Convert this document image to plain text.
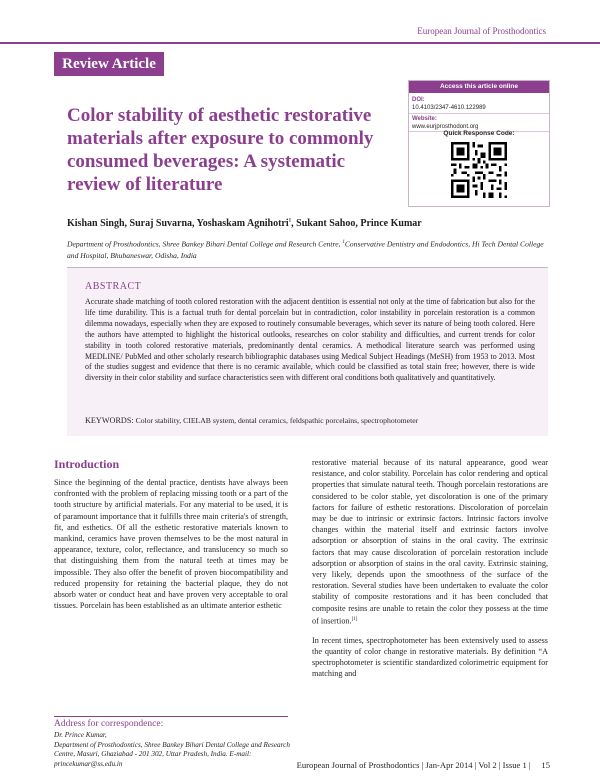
European Journal of Prosthodontics
Review Article
Access this article online
DOI:
10.4103/2347-4610.122989
Website:
www.eurjprosthodont.org
Quick Response Code:
Color stability of aesthetic restorative materials after exposure to commonly consumed beverages: A systematic review of literature
Kishan Singh, Suraj Suvarna, Yoshaskam Agnihotri$^1$, Sukant Sahoo, Prince Kumar
Department of Prosthodontics, Shree Bankey Bihari Dental College and Research Centre, $^1$Conservative Dentistry and Endodontics, Hi Tech Dental College and Hospital, Bhubaneswar, Odisha, India
ABSTRACT
Accurate shade matching of tooth colored restoration with the adjacent dentition is essential not only at the time of fabrication but also for the life time durability. This is a factual truth for dental porcelain but in contradiction, color instability in porcelain restoration is a common dilemma nowadays, especially when they are exposed to routinely consumable beverages, which sever its nature of being tooth colored. Here the authors have attempted to highlight the historical outlooks, researches on color stability and difficulties, and current trends for color stability in tooth colored restorative materials, predominantly dental ceramics. A methodical literature search was performed using MEDLINE/ PubMed and other scholarly research bibliographic databases using Medical Subject Headings (MeSH) from 1953 to 2013. Most of the studies suggest and evidence that there is no ceramic available, which could be classified as total stain free; however, there is wide diversity in their color stability and surface characteristics seen with different oral conditions both qualitatively and quantitatively.
KEYWORDS: Color stability, CIELAB system, dental ceramics, feldspathic porcelains, spectrophotometer
Introduction

Since the beginning of the dental practice, dentists have always been confronted with the problem of replacing missing tooth or a part of the tooth structure by artificial materials. For any material to be used, it is of paramount importance that it fulfills three main criteria's of strength, fit, and esthetics. Of all the esthetic restorative materials known to mankind, ceramics have proven themselves to be the most natural in appearance, texture, color, reflectance, and translucency so much so that distinguishing them from the natural teeth at times may be impossible. They also offer the benefit of proven biocompatibility and reduced propensity for retaining the bacterial plaque, they do not absorb water or conduct heat and have proven very acceptable to oral tissues. Porcelain has been established as an ultimate anterior esthetic

restorative material because of its natural appearance, good wear resistance, and color stability. Porcelain has color rendering and optical properties that simulate natural teeth. Though porcelain restorations are considered to be color stable, yet discoloration is one of the primary factors for failure of esthetic restorations. Discoloration of porcelain may be due to intrinsic or extrinsic factors. Intrinsic factors involve changes within the material itself and extrinsic factors involve adsorption or absorption of stains in the oral cavity. The extrinsic factors that may cause discoloration of porcelain restoration include adsorption or absorption of stains in the oral cavity. Extrinsic staining, very likely, depends upon the smoothness of the surface of the restoration. Several studies have been undertaken to evaluate the color stability of composite restorations and it has been concluded that composite resins are unable to retain the color they possess at the time of insertion.[1]

In recent times, spectrophotometer has been extensively used to assess the quantity of color change in restorative materials. By definition “A spectrophotometer is scientific standardized colorimetric equipment for matching and

Address for correspondence:
Dr. Prince Kumar,
Department of Prosthodontics, Shree Bankey Bihari Dental College and Research Centre, Masuri, Ghaziabad - 201 302, Uttar Pradesh, India. E-mail: princekumar@ss.edu.in	European Journal of Prosthodontics | Jan-Apr 2014 | Vol 2 | Issue 1 | 15
